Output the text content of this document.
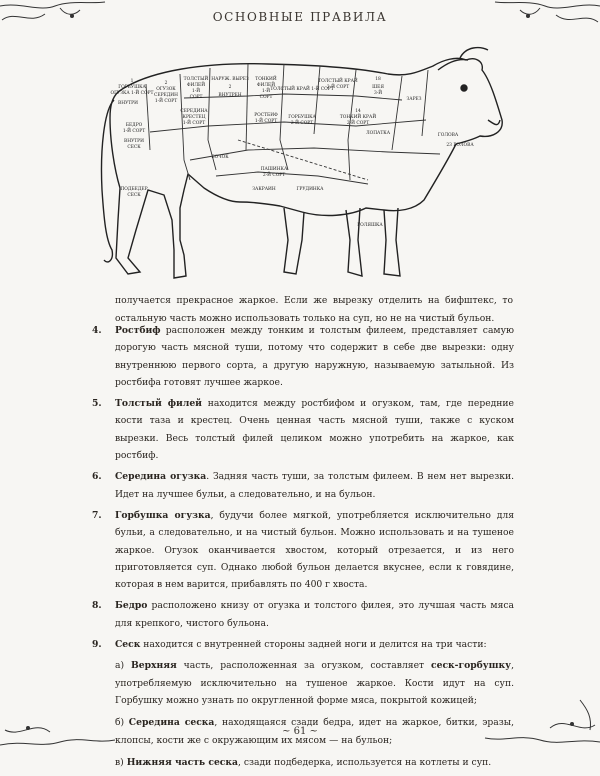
ОСНОВНЫЕ ПРАВИЛА
1
ГОРБУШКА
ОГУЗКА 1-Й СОРТ
2
ОГУЗОК
СЕРЕДИН
1-Й СОРТ
ТОЛСТЫЙ
ФИЛЕЙ
1-Й
СОРТ
НАРУЖ. ВЫРЕЗ
2
ВНУТРЕН
ТОНКИЙ
ФИЛЕЙ
1-Й
СОРТ
СЕРЕДИНА
КРЕСТЕЦ
1-Й СОРТ
ТОЛСТЫЙ КРАЙ
2-Й СОРТ
ТОЛСТЫЙ КРАЙ 1-Й СОРТ
18
ШЕЯ
3-Й
ГОЛОВА
ЗАРЕЗ
ВНУТРИ
РОСТБИФ
1-Й СОРТ
ГОРБУШКА
2-Й СОРТ
14
ТОНКИЙ КРАЙ
2-Й СОРТ
ЛОПАТКА
БЕДРО
1-Й СОРТ
ВНУТРИ
СЕСК
БОЧОК
ПАШИНКА
2-Й СОРТ
ПОДБЕДЕР
СЕСК
ЗАКРАИН	ГРУДИНКА
ГОЛЯШКА
23 ГОЛОВА
получается прекрасное жаркое. Если же вырезку отделить на бифштекс, то остальную часть можно использовать только на суп, но не на чистый бульон.
4. Ростбиф расположен между тонким и толстым филеем, представляет самую дорогую часть мясной туши, потому что содержит в себе две вырезки: одну внутреннюю первого сорта, а другую наружную, называемую затыльной. Из ростбифа готовят лучшее жаркое.
5. Толстый филей находится между ростбифом и огузком, там, где передние кости таза и крестец. Очень ценная часть мясной туши, также с куском вырезки. Весь толстый филей целиком можно употребить на жаркое, как ростбиф.
6. Середина огузка. Задняя часть туши, за толстым филеем. В нем нет вырезки. Идет на лучшее бульи, а следовательно, и на бульон.
7. Горбушка огузка, будучи более мягкой, употребляется исключительно для бульи, а следовательно, и на чистый бульон. Можно использовать и на тушеное жаркое. Огузок оканчивается хвостом, который отрезается, и из него приготовляется суп. Однако любой бульон делается вкуснее, если к говядине, которая в нем варится, прибавлять по 400 г хвоста.
8. Бедро расположено книзу от огузка и толстого филея, это лучшая часть мяса для крепкого, чистого бульона.
9. Сеск находится с внутренней стороны задней ноги и делится на три части:
а) Верхняя часть, расположенная за огузком, составляет сеск-горбушку, употребляемую исключительно на тушеное жаркое. Кости идут на суп. Горбушку можно узнать по округленной форме мяса, покрытой кожицей;
б) Середина сеска, находящаяся сзади бедра, идет на жаркое, битки, эразы, клопсы, кости же с окружающим их мясом — на бульон;
в) Нижняя часть сеска, сзади подбедерка, используется на котлеты и суп.
~ 61 ~
